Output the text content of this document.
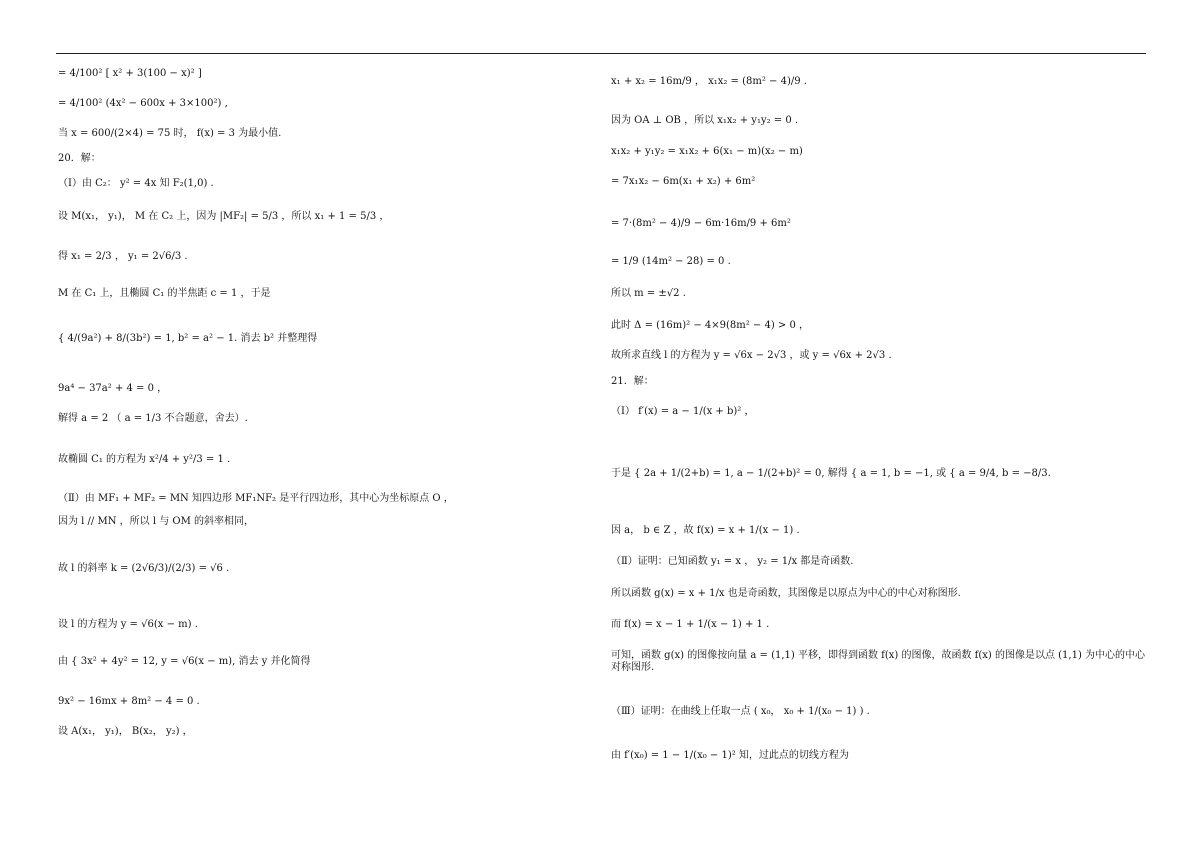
= 4/100² [ x² + 3(100 − x)² ]
= 4/100² (4x² − 600x + 3×100²) ,
当 x = 600/(2×4) = 75 时， f(x) = 3 为最小值.
20．解：
（Ⅰ）由 C₂： y² = 4x 知 F₂(1,0) .
设 M(x₁， y₁)， M 在 C₂ 上，因为 |MF₂| = 5/3 ，所以 x₁ + 1 = 5/3 ，
得 x₁ = 2/3 ， y₁ = 2√6/3 .
M 在 C₁ 上，且椭圆 C₁ 的半焦距 c = 1 ，于是
{ 4/(9a²) + 8/(3b²) = 1, b² = a² − 1. 消去 b² 并整理得
9a⁴ − 37a² + 4 = 0 ，
解得 a = 2 （ a = 1/3 不合题意，舍去）.
故椭圆 C₁ 的方程为 x²/4 + y²/3 = 1 .
（Ⅱ）由 MF₁ + MF₂ = MN 知四边形 MF₁NF₂ 是平行四边形，其中心为坐标原点 O ，
因为 l // MN ，所以 l 与 OM 的斜率相同，
故 l 的斜率 k = (2√6/3)/(2/3) = √6 .
设 l 的方程为 y = √6(x − m) .
由 { 3x² + 4y² = 12, y = √6(x − m), 消去 y 并化简得
9x² − 16mx + 8m² − 4 = 0 .
设 A(x₁， y₁)， B(x₂， y₂) ，
x₁ + x₂ = 16m/9 ， x₁x₂ = (8m² − 4)/9 .
因为 OA ⊥ OB ，所以 x₁x₂ + y₁y₂ = 0 .
x₁x₂ + y₁y₂ = x₁x₂ + 6(x₁ − m)(x₂ − m)
= 7x₁x₂ − 6m(x₁ + x₂) + 6m²
= 7·(8m² − 4)/9 − 6m·16m/9 + 6m²
= 1/9 (14m² − 28) = 0 .
所以 m = ±√2 .
此时 Δ = (16m)² − 4×9(8m² − 4) > 0 ，
故所求直线 l 的方程为 y = √6x − 2√3 ，或 y = √6x + 2√3 .
21．解：
（Ⅰ） f′(x) = a − 1/(x + b)² ，
于是 { 2a + 1/(2+b) = 1, a − 1/(2+b)² = 0, 解得 { a = 1, b = −1, 或 { a = 9/4, b = −8/3.
因 a， b ∈ Z ，故 f(x) = x + 1/(x − 1) .
（Ⅱ）证明：已知函数 y₁ = x ， y₂ = 1/x 都是奇函数.
所以函数 g(x) = x + 1/x 也是奇函数，其图像是以原点为中心的中心对称图形.
而 f(x) = x − 1 + 1/(x − 1) + 1 .
可知，函数 g(x) 的图像按向量 a = (1,1) 平移，即得到函数 f(x) 的图像，故函数 f(x) 的图像是以点 (1,1) 为中心的中心对称图形.
（Ⅲ）证明：在曲线上任取一点 ( x₀， x₀ + 1/(x₀ − 1) ) .
由 f′(x₀) = 1 − 1/(x₀ − 1)² 知，过此点的切线方程为
